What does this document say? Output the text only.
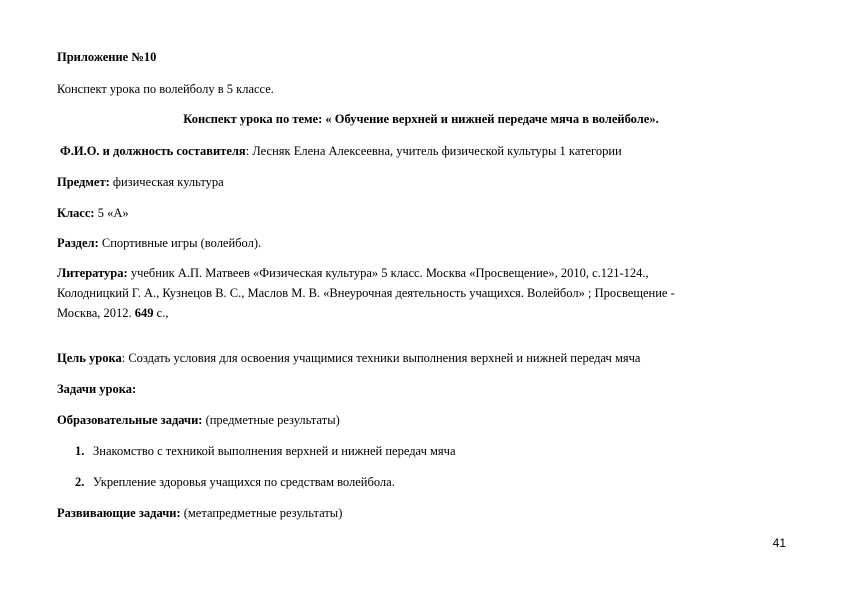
Приложение №10
Конспект урока по волейболу в 5 классе.
Конспект урока по теме: « Обучение верхней и нижней передаче мяча в волейболе».
Ф.И.О. и должность составителя: Лесняк Елена Алексеевна, учитель физической культуры 1 категории
Предмет: физическая культура
Класс: 5 «А»
Раздел: Спортивные игры (волейбол).
Литература: учебник А.П. Матвеев «Физическая культура» 5 класс. Москва «Просвещение», 2010, с.121-124.,
Колодницкий Г. А., Кузнецов В. С., Маслов М. В. «Внеурочная деятельность учащихся. Волейбол» ; Просвещение -
Москва, 2012. 649 с.,
Цель урока: Создать условия для освоения учащимися техники выполнения верхней и нижней передач мяча
Задачи урока:
Образовательные задачи: (предметные результаты)
1. Знакомство с техникой выполнения верхней и нижней передач мяча
2. Укрепление здоровья учащихся по средствам волейбола.
Развивающие задачи: (метапредметные результаты)
41
